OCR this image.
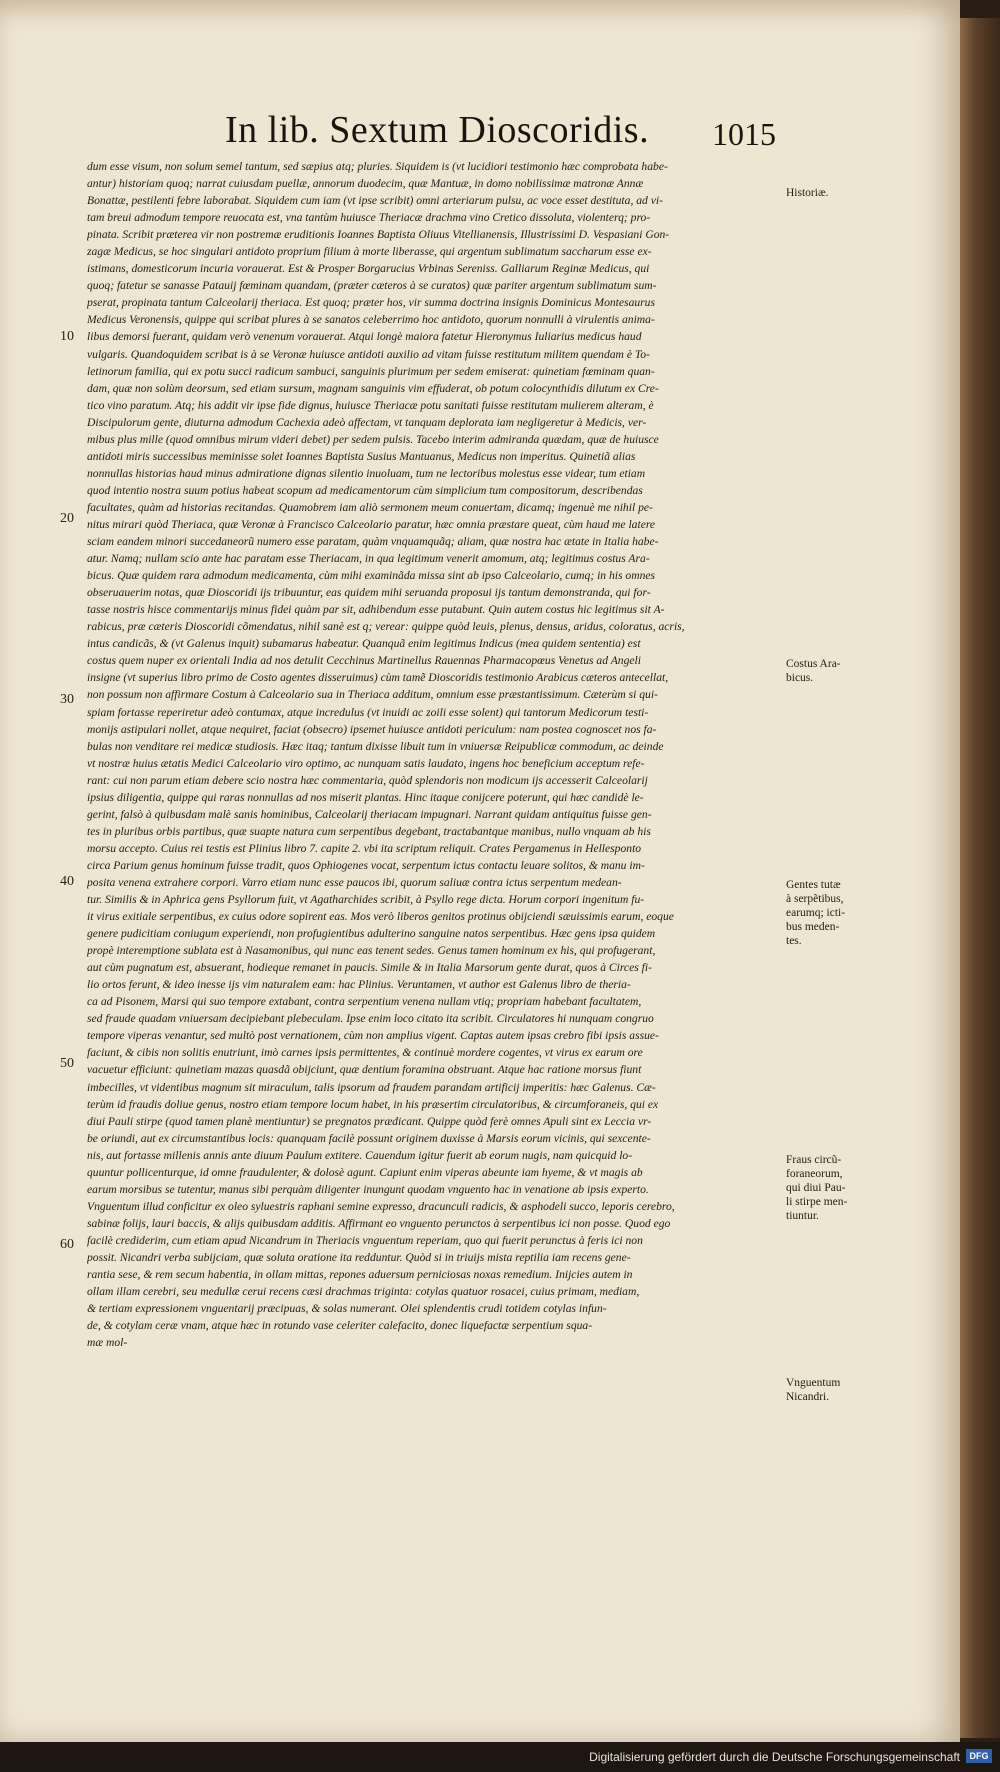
In lib. Sextum Dioscoridis.	1015
10
20
30
40
50
60
dum esse visum, non solum semel tantum, sed sæpius atq; pluries. Siquidem is (vt lucidiori testimonio hæc comprobata habe-
antur) historiam quoq; narrat cuiusdam puellæ, annorum duodecim, quæ Mantuæ, in domo nobilissimæ matronæ Annæ
Bonattæ, pestilenti febre laborabat. Siquidem cum iam (vt ipse scribit) omni arteriarum pulsu, ac voce esset destituta, ad vi-
tam breui admodum tempore reuocata est, vna tantùm huiusce Theriacæ drachma vino Cretico dissoluta, violenterq; pro-
pinata. Scribit præterea vir non postremæ eruditionis Ioannes Baptista Oliuus Vitellianensis, Illustrissimi D. Vespasiani Gon-
zagæ Medicus, se hoc singulari antidoto proprium filium à morte liberasse, qui argentum sublimatum saccharum esse ex-
istimans, domesticorum incuria vorauerat. Est & Prosper Borgarucius Vrbinas Sereniss. Galliarum Reginæ Medicus, qui
quoq; fatetur se sanasse Patauij fœminam quandam, (præter cæteros à se curatos) quæ pariter argentum sublimatum sum-
pserat, propinata tantum Calceolarij theriaca. Est quoq; præter hos, vir summa doctrina insignis Dominicus Montesaurus
Medicus Veronensis, quippe qui scribat plures à se sanatos celeberrimo hoc antidoto, quorum nonnulli à virulentis anima-
libus demorsi fuerant, quidam verò venenum vorauerat. Atqui longè maiora fatetur Hieronymus Iuliarius medicus haud
vulgaris. Quandoquidem scribat is à se Veronæ huiusce antidoti auxilio ad vitam fuisse restitutum militem quendam è To-
letinorum familia, qui ex potu succi radicum sambuci, sanguinis plurimum per sedem emiserat: quinetiam fœminam quan-
dam, quæ non solùm deorsum, sed etiam sursum, magnam sanguinis vim effuderat, ob potum colocynthidis dilutum ex Cre-
tico vino paratum. Atq; his addit vir ipse fide dignus, huiusce Theriacæ potu sanitati fuisse restitutam mulierem alteram, è
Discipulorum gente, diuturna admodum Cachexia adeò affectam, vt tanquam deplorata iam negligeretur à Medicis, ver-
mibus plus mille (quod omnibus mirum videri debet) per sedem pulsis. Tacebo interim admiranda quædam, quæ de huiusce
antidoti miris successibus meminisse solet Ioannes Baptista Susius Mantuanus, Medicus non imperitus. Quinetiã alias
nonnullas historias haud minus admiratione dignas silentio inuoluam, tum ne lectoribus molestus esse videar, tum etiam
quod intentio nostra suum potius habeat scopum ad medicamentorum cùm simplicium tum compositorum, describendas
facultates, quàm ad historias recitandas. Quamobrem iam aliò sermonem meum conuertam, dicamq; ingenuè me nihil pe-
nitus mirari quòd Theriaca, quæ Veronæ à Francisco Calceolario paratur, hæc omnia præstare queat, cùm haud me latere
sciam eandem minori succedaneorũ numero esse paratam, quàm vnquamquãq; aliam, quæ nostra hac ætate in Italia habe-
atur. Namq; nullam scio ante hac paratam esse Theriacam, in qua legitimum venerit amomum, atq; legitimus costus Ara-
bicus. Quæ quidem rara admodum medicamenta, cùm mihi examinãda missa sint ab ipso Calceolario, cumq; in his omnes
obseruauerim notas, quæ Dioscoridi ijs tribuuntur, eas quidem mihi seruanda proposui ijs tantum demonstranda, qui for-
tasse nostris hisce commentarijs minus fidei quàm par sit, adhibendum esse putabunt. Quin autem costus hic legitimus sit A-
rabicus, præ cæteris Dioscoridi cõmendatus, nihil sanè est q; verear: quippe quòd leuis, plenus, densus, aridus, coloratus, acris,
intus candicãs, & (vt Galenus inquit) subamarus habeatur. Quanquã enim legitimus Indicus (mea quidem sententia) est
costus quem nuper ex orientali India ad nos detulit Cecchinus Martinellus Rauennas Pharmacopœus Venetus ad Angeli
insigne (vt superius libro primo de Costo agentes disseruimus) cùm tamẽ Dioscoridis testimonio Arabicus cæteros antecellat,
non possum non affirmare Costum à Calceolario sua in Theriaca additum, omnium esse præstantissimum. Cæterùm si qui-
spiam fortasse reperiretur adeò contumax, atque incredulus (vt inuidi ac zoili esse solent) qui tantorum Medicorum testi-
monijs astipulari nollet, atque nequiret, faciat (obsecro) ipsemet huiusce antidoti periculum: nam postea cognoscet nos fa-
bulas non venditare rei medicæ studiosis. Hæc itaq; tantum dixisse libuit tum in vniuersæ Reipublicæ commodum, ac deinde
vt nostræ huius ætatis Medici Calceolario viro optimo, ac nunquam satis laudato, ingens hoc beneficium acceptum refe-
rant: cui non parum etiam debere scio nostra hæc commentaria, quòd splendoris non modicum ijs accesserit Calceolarij
ipsius diligentia, quippe qui raras nonnullas ad nos miserit plantas. Hinc itaque conijcere poterunt, qui hæc candidè le-
gerint, falsò à quibusdam malè sanis hominibus, Calceolarij theriacam impugnari. Narrant quidam antiquitus fuisse gen-
tes in pluribus orbis partibus, quæ suapte natura cum serpentibus degebant, tractabantque manibus, nullo vnquam ab his
morsu accepto. Cuius rei testis est Plinius libro 7. capite 2. vbi ita scriptum reliquit. Crates Pergamenus in Hellesponto
circa Parium genus hominum fuisse tradit, quos Ophiogenes vocat, serpentum ictus contactu leuare solitos, & manu im-
posita venena extrahere corpori. Varro etiam nunc esse paucos ibi, quorum saliuæ contra ictus serpentum medean-
tur. Similis & in Aphrica gens Psyllorum fuit, vt Agatharchides scribit, à Psyllo rege dicta. Horum corpori ingenitum fu-
it virus exitiale serpentibus, ex cuius odore sopirent eas. Mos verò liberos genitos protinus obijciendi sæuissimis earum, eoque
genere pudicitiam coniugum experiendi, non profugientibus adulterino sanguine natos serpentibus. Hæc gens ipsa quidem
propè interemptione sublata est à Nasamonibus, qui nunc eas tenent sedes. Genus tamen hominum ex his, qui profugerant,
aut cùm pugnatum est, absuerant, hodieque remanet in paucis. Simile & in Italia Marsorum gente durat, quos à Circes fi-
lio ortos ferunt, & ideo inesse ijs vim naturalem eam: hac Plinius. Veruntamen, vt author est Galenus libro de theria-
ca ad Pisonem, Marsi qui suo tempore extabant, contra serpentium venena nullam vtiq; propriam habebant facultatem,
sed fraude quadam vniuersam decipiebant plebeculam. Ipse enim loco citato ita scribit. Circulatores hi nunquam congruo
tempore viperas venantur, sed multò post vernationem, cùm non amplius vigent. Captas autem ipsas crebro fibi ipsis assue-
faciunt, & cibis non solitis enutriunt, imò carnes ipsis permittentes, & continuè mordere cogentes, vt virus ex earum ore
vacuetur efficiunt: quinetiam mazas quasdã obijciunt, quæ dentium foramina obstruant. Atque hac ratione morsus fiunt
imbecilles, vt videntibus magnum sit miraculum, talis ipsorum ad fraudem parandam artificij imperitis: hæc Galenus. Cæ-
terùm id fraudis doliue genus, nostro etiam tempore locum habet, in his præsertim circulatoribus, & circumforaneis, qui ex
diui Pauli stirpe (quod tamen planè mentiuntur) se pregnatos prædicant. Quippe quòd ferè omnes Apuli sint ex Leccia vr-
be oriundi, aut ex circumstantibus locis: quanquam facilè possunt originem duxisse à Marsis eorum vicinis, qui sexcente-
nis, aut fortasse millenis annis ante diuum Paulum extitere. Cauendum igitur fuerit ab eorum nugis, nam quicquid lo-
quuntur pollicenturque, id omne fraudulenter, & dolosè agunt. Capiunt enim viperas abeunte iam hyeme, & vt magis ab
earum morsibus se tutentur, manus sibi perquàm diligenter inungunt quodam vnguento hac in venatione ab ipsis experto.
Vnguentum illud conficitur ex oleo syluestris raphani semine expresso, dracunculi radicis, & asphodeli succo, leporis cerebro,
sabinæ folijs, lauri baccis, & alijs quibusdam additis. Affirmant eo vnguento perunctos à serpentibus ici non posse. Quod ego
facilè crediderim, cum etiam apud Nicandrum in Theriacis vnguentum reperiam, quo qui fuerit perunctus à feris ici non
possit. Nicandri verba subijciam, quæ soluta oratione ita redduntur. Quòd si in triuijs mista reptilia iam recens gene-
rantia sese, & rem secum habentia, in ollam mittas, repones aduersum perniciosas noxas remedium. Inijcies autem in
ollam illam cerebri, seu medullæ cerui recens cæsi drachmas triginta: cotylas quatuor rosacei, cuius primam, mediam,
& tertiam expressionem vnguentarij præcipuas, & solas numerant. Olei splendentis crudi totidem cotylas infun-
de, & cotylam ceræ vnam, atque hæc in rotundo vase celeriter calefacito, donec liquefactæ serpentium squa-
mæ mol-
Historiæ.
Costus Ara-
bicus.
Gentes tutæ
à serpẽtibus,
earumq; icti-
bus meden-
tes.
Fraus circũ-
foraneorum,
qui diui Pau-
li stirpe men-
tiuntur.
Vnguentum
Nicandri.
Digitalisierung gefördert durch die Deutsche Forschungsgemeinschaft	DFG
